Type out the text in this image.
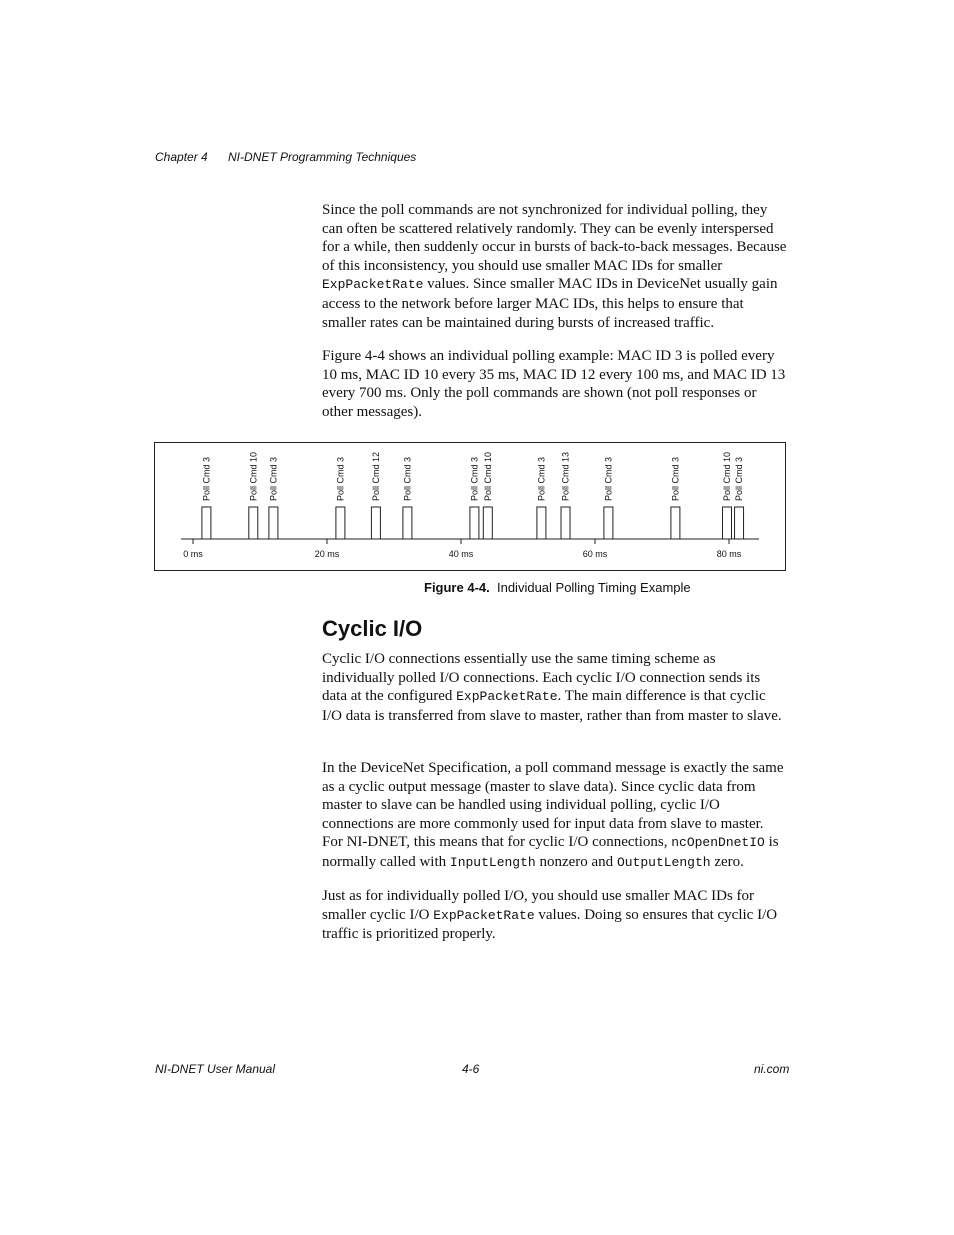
Chapter 4 NI-DNET Programming Techniques

Since the poll commands are not synchronized for individual polling, they can often be scattered relatively randomly. They can be evenly interspersed for a while, then suddenly occur in bursts of back-to-back messages. Because of this inconsistency, you should use smaller MAC IDs for smaller ExpPacketRate values. Since smaller MAC IDs in DeviceNet usually gain access to the network before larger MAC IDs, this helps to ensure that smaller rates can be maintained during bursts of increased traffic.

Figure 4-4 shows an individual polling example: MAC ID 3 is polled every 10 ms, MAC ID 10 every 35 ms, MAC ID 12 every 100 ms, and MAC ID 13 every 700 ms. Only the poll commands are shown (not poll responses or other messages).

0 ms	20 ms	40 ms	60 ms	80 ms
Poll Cmd 3	Poll Cmd 10 Poll Cmd 3	Poll Cmd 3	Poll Cmd 12 Poll Cmd 3	Poll Cmd 3 Poll Cmd 10	Poll Cmd 3 Poll Cmd 13	Poll Cmd 3	Poll Cmd 3	Poll Cmd 10 Poll Cmd 3
Figure 4-4. Individual Polling Timing Example
Cyclic I/O

Cyclic I/O connections essentially use the same timing scheme as individually polled I/O connections. Each cyclic I/O connection sends its data at the configured ExpPacketRate. The main difference is that cyclic I/O data is transferred from slave to master, rather than from master to slave.

In the DeviceNet Specification, a poll command message is exactly the same as a cyclic output message (master to slave data). Since cyclic data from master to slave can be handled using individual polling, cyclic I/O connections are more commonly used for input data from slave to master. For NI-DNET, this means that for cyclic I/O connections, ncOpenDnetIO is normally called with InputLength nonzero and OutputLength zero.

Just as for individually polled I/O, you should use smaller MAC IDs for smaller cyclic I/O ExpPacketRate values. Doing so ensures that cyclic I/O traffic is prioritized properly.

NI-DNET User Manual	4-6	ni.com
